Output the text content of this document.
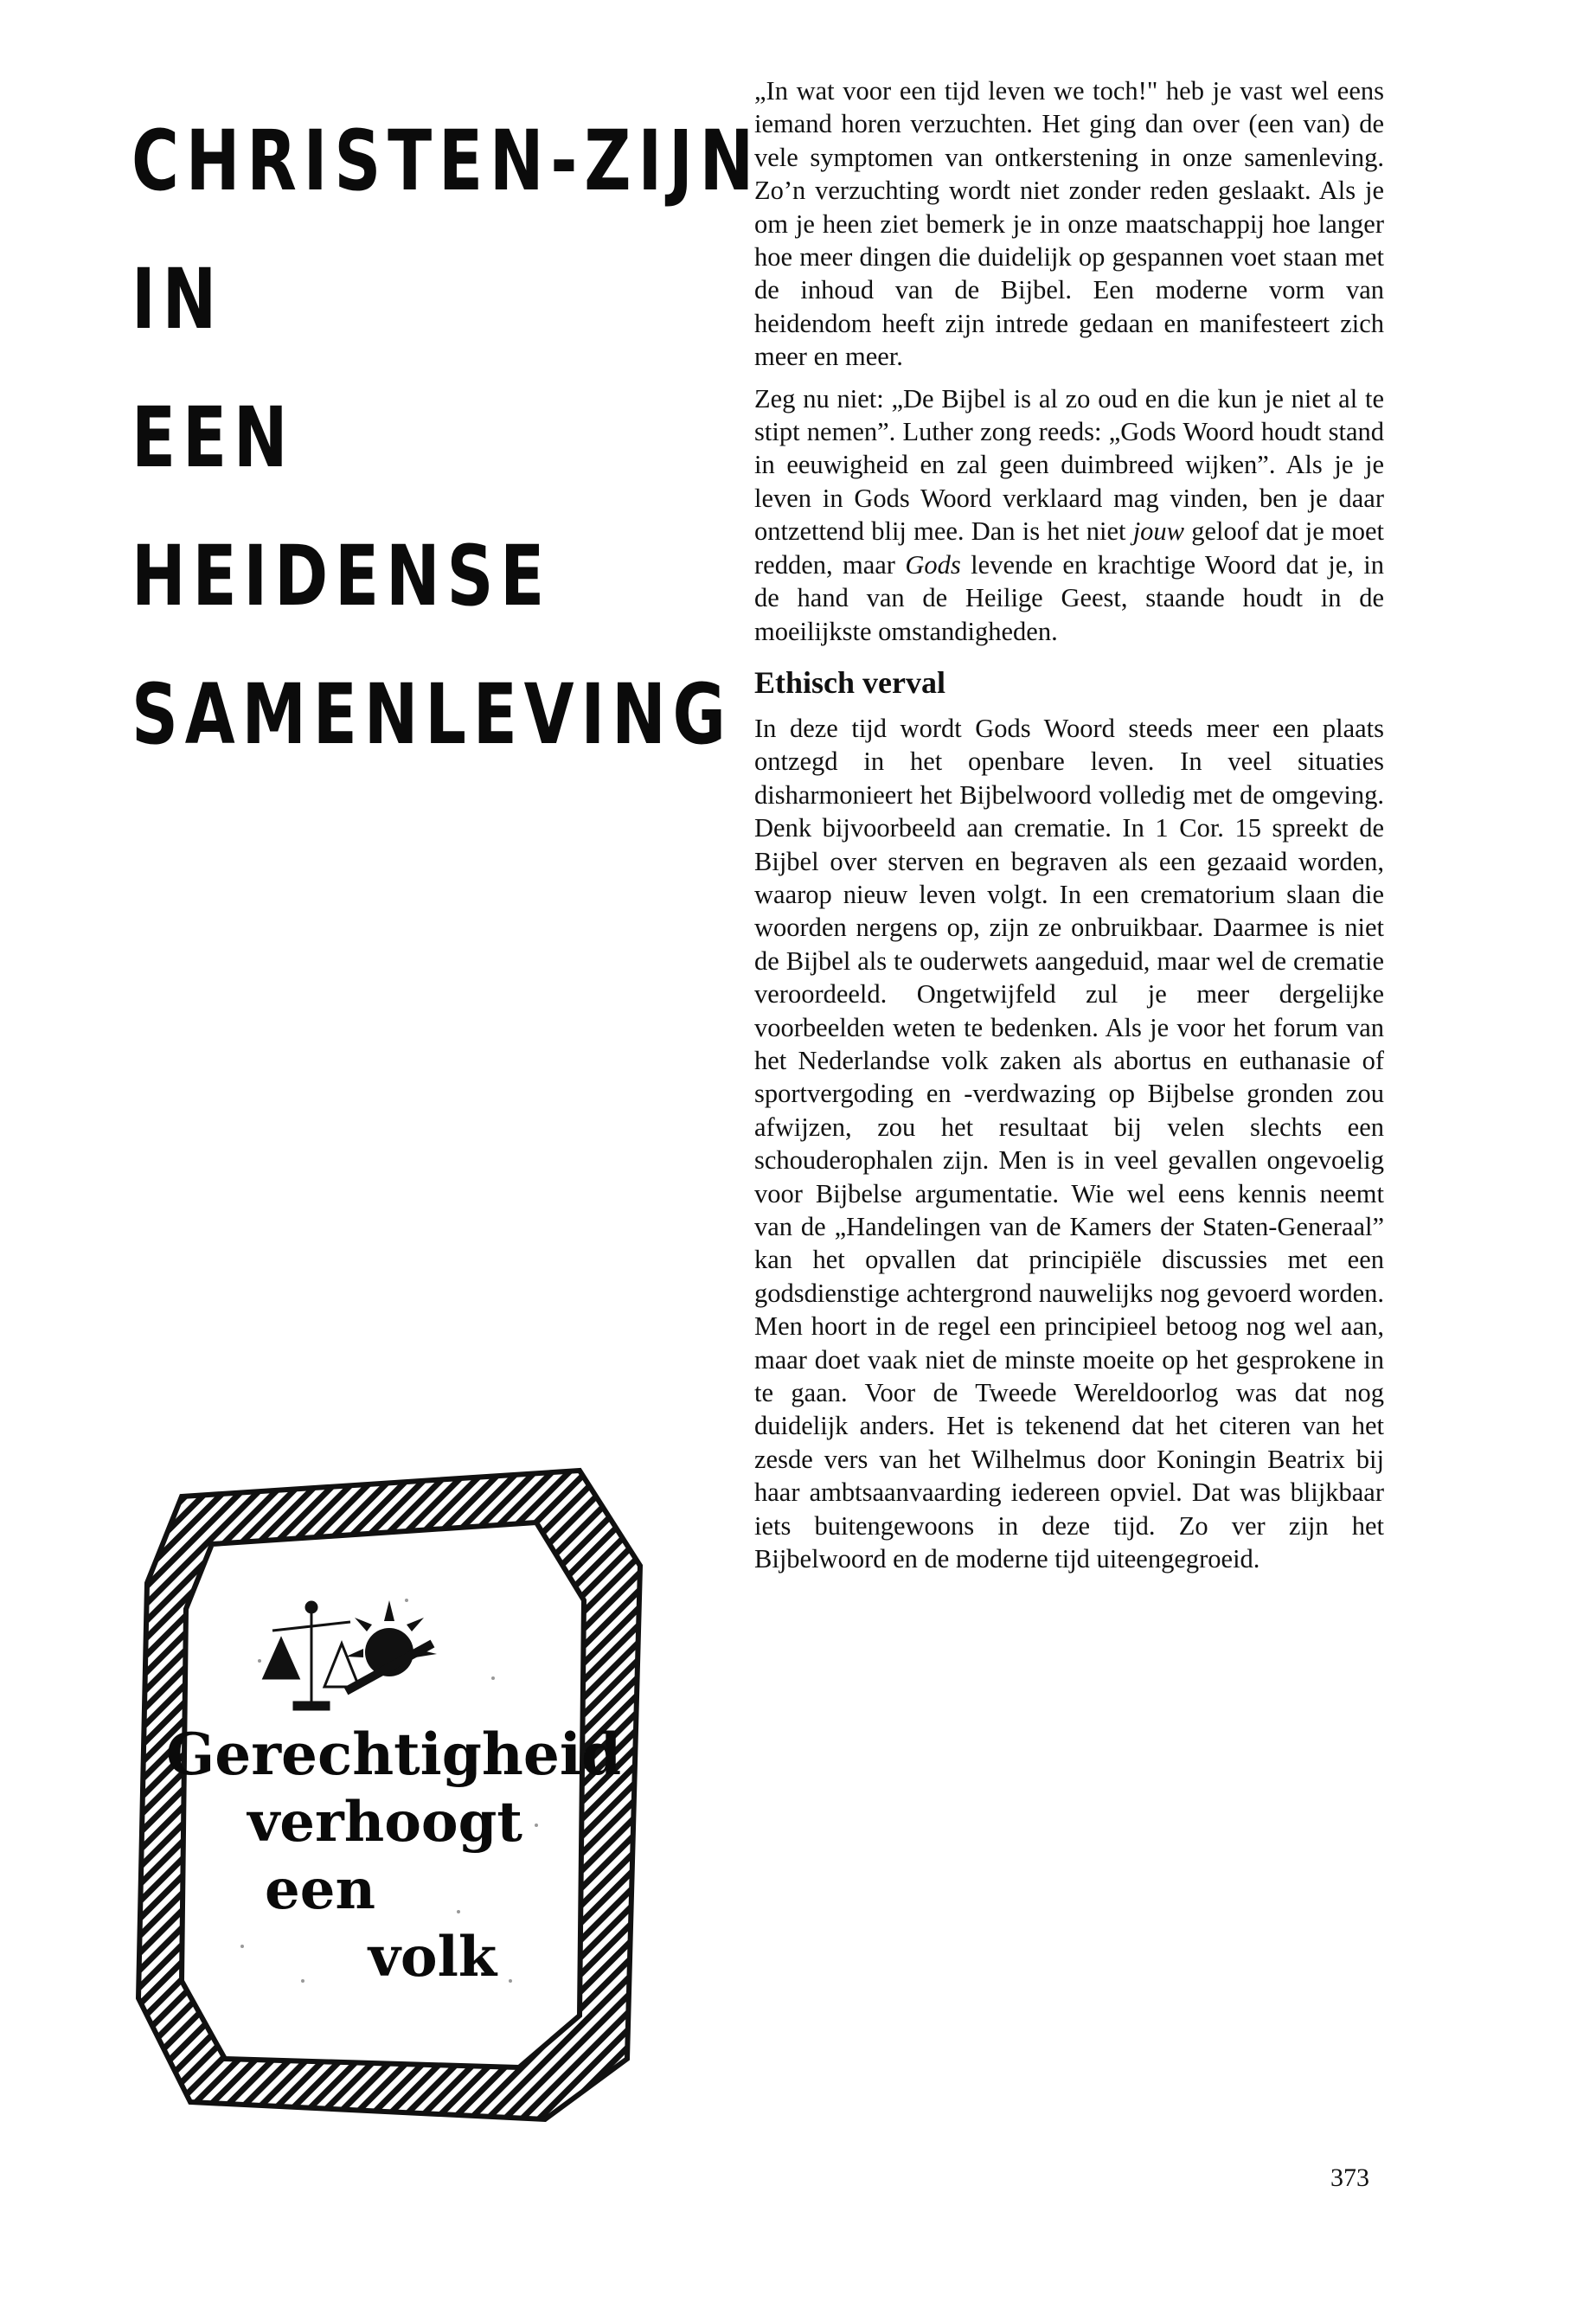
CHRISTEN-ZIJN
IN
EEN
HEIDENSE
SAMENLEVING

„In wat voor een tijd leven we toch!" heb je vast wel eens iemand horen verzuchten. Het ging dan over (een van) de vele symptomen van ontkerstening in onze samenleving. Zo’n verzuchting wordt niet zonder reden geslaakt. Als je om je heen ziet bemerk je in onze maatschappij hoe langer hoe meer dingen die duidelijk op gespannen voet staan met de inhoud van de Bijbel. Een moderne vorm van heidendom heeft zijn intrede gedaan en manifesteert zich meer en meer.

Zeg nu niet: „De Bijbel is al zo oud en die kun je niet al te stipt nemen”. Luther zong reeds: „Gods Woord houdt stand in eeuwigheid en zal geen duimbreed wijken”. Als je je leven in Gods Woord verklaard mag vinden, ben je daar ontzettend blij mee. Dan is het niet jouw geloof dat je moet redden, maar Gods levende en krachtige Woord dat je, in de hand van de Heilige Geest, staande houdt in de moeilijkste omstandigheden.

Ethisch verval

In deze tijd wordt Gods Woord steeds meer een plaats ontzegd in het openbare leven. In veel situaties disharmonieert het Bijbelwoord volledig met de omgeving. Denk bijvoorbeeld aan crematie. In 1 Cor. 15 spreekt de Bijbel over sterven en begraven als een gezaaid worden, waarop nieuw leven volgt. In een crematorium slaan die woorden nergens op, zijn ze onbruikbaar. Daarmee is niet de Bijbel als te ouderwets aangeduid, maar wel de crematie veroordeeld. Ongetwijfeld zul je meer dergelijke voorbeelden weten te bedenken. Als je voor het forum van het Nederlandse volk zaken als abortus en euthanasie of sportvergoding en -verdwazing op Bijbelse gronden zou afwijzen, zou het resultaat bij velen slechts een schouderophalen zijn. Men is in veel gevallen ongevoelig voor Bijbelse argumentatie. Wie wel eens kennis neemt van de „Handelingen van de Kamers der Staten-Generaal” kan het opvallen dat principiële discussies met een godsdienstige achtergrond nauwelijks nog gevoerd worden. Men hoort in de regel een principieel betoog nog wel aan, maar doet vaak niet de minste moeite op het gesprokene in te gaan. Voor de Tweede Wereldoorlog was dat nog duidelijk anders. Het is tekenend dat het citeren van het zesde vers van het Wilhelmus door Koningin Beatrix bij haar ambtsaanvaarding iedereen opviel. Dat was blijkbaar iets buitengewoons in deze tijd. Zo ver zijn het Bijbelwoord en de moderne tijd uiteengegroeid.

Gerechtigheid
verhoogt
een
volk
373
